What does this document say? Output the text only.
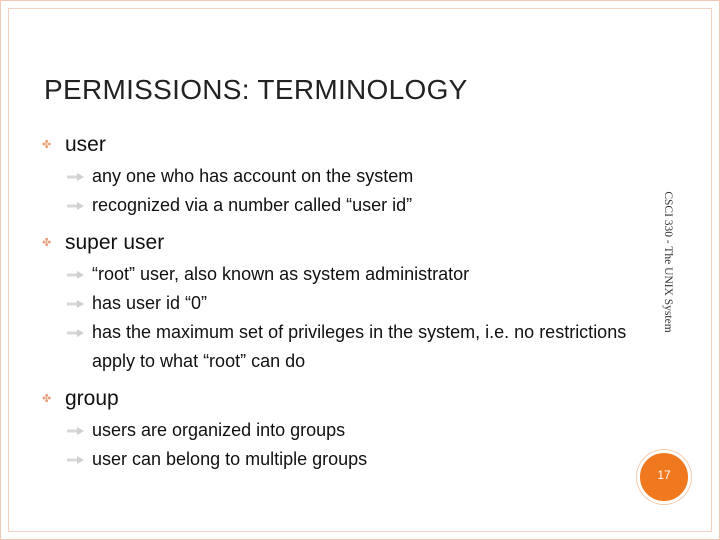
PERMISSIONS: TERMINOLOGY
✤ user
any one who has account on the system
recognized via a number called “user id”
✤ super user
“root” user, also known as system administrator
has user id “0”
has the maximum set of privileges in the system, i.e. no restrictions apply to what “root” can do
✤ group
users are organized into groups
user can belong to multiple groups
CSCI 330 - The UNIX System
17
